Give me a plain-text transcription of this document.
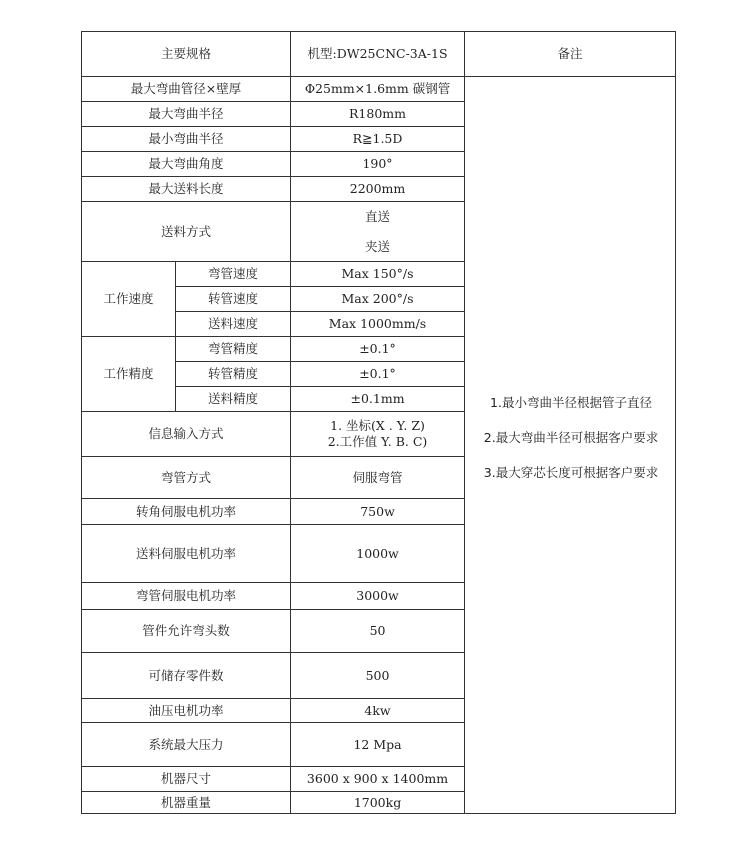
主要规格		机型:DW25CNC-3A-1S	备注
最大弯曲管径×壁厚		Φ25mm×1.6mm 碳钢管	1.最小弯曲半径根据管子直径
2.最大弯曲半径可根据客户要求
3.最大穿芯长度可根据客户要求

最大弯曲半径		R180mm	
最小弯曲半径		R≧1.5D	
最大弯曲角度		190°	
最大送料长度		2200mm	
送料方式		直送
夹送	

工作速度	弯管速度	Max 150°/s	
	转管速度	Max 200°/s	
	送料速度	Max 1000mm/s	
工作精度	弯管精度	±0.1°	
	转管精度	±0.1°	
	送料精度	±0.1mm	
信息输入方式		1. 坐标(X . Y. Z)
2.工作值 Y. B. C)	

弯管方式		伺服弯管	
转角伺服电机功率		750w	
送料伺服电机功率		1000w	
弯管伺服电机功率		3000w	
管件允许弯头数		50	
可储存零件数		500	
油压电机功率		4kw	
系统最大压力		12 Mpa	
机器尺寸		3600 x 900 x 1400mm	
机器重量		1700kg	
